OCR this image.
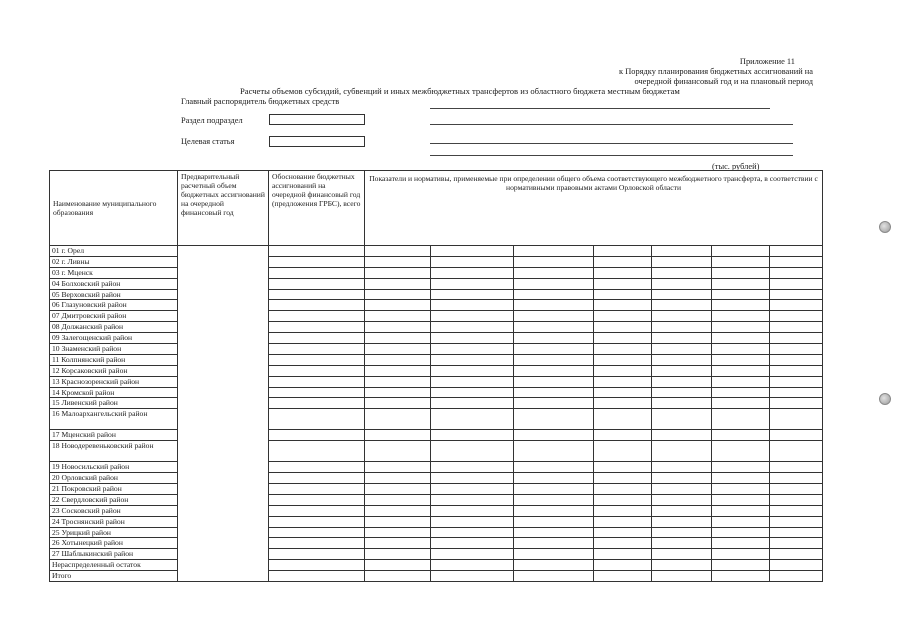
Приложение 11
к Порядку планирования бюджетных ассигнований на
очередной финансовый год и на плановый период
Расчеты объемов субсидий, субвенций и иных межбюджетных трансфертов из областного бюджета местным бюджетам
Главный распорядитель бюджетных средств
Раздел подраздел
Целевая статья
(тыс. рублей)
Наименование муниципального образования	Предварительный расчетный объем бюджетных ассигнований на очередной финансовый год	Обоснование бюджетных ассигнований на очередной финансовый год (предложения ГРБС), всего	Показатели и нормативы, применяемые при определении общего объема соответствующего межбюджетного трансферта, в соответствии с нормативными правовыми актами Орловской области						
01 г. Орел									
02 г. Ливны									
03 г. Мценск									
04 Болховский район									
05 Верховский район									
06 Глазуновский район									
07 Дмитровский район									
08 Должанский район									
09 Залегощенский район									
10 Знаменский район									
11 Колпнянский район									
12 Корсаковский район									
13 Краснозоренский район									
14 Кромской район									
15 Ливенский район									
16 Малоархангельский район									
17 Мценский район									
18 Новодеревеньковский район									
19 Новосильский район									
20 Орловский район									
21 Покровский район									
22 Свердловский район									
23 Сосковский район									
24 Троснянский район									
25 Урицкий район									
26 Хотынецкий район									
27 Шаблыкинский район									
Нераспределенный остаток									
Итого									
